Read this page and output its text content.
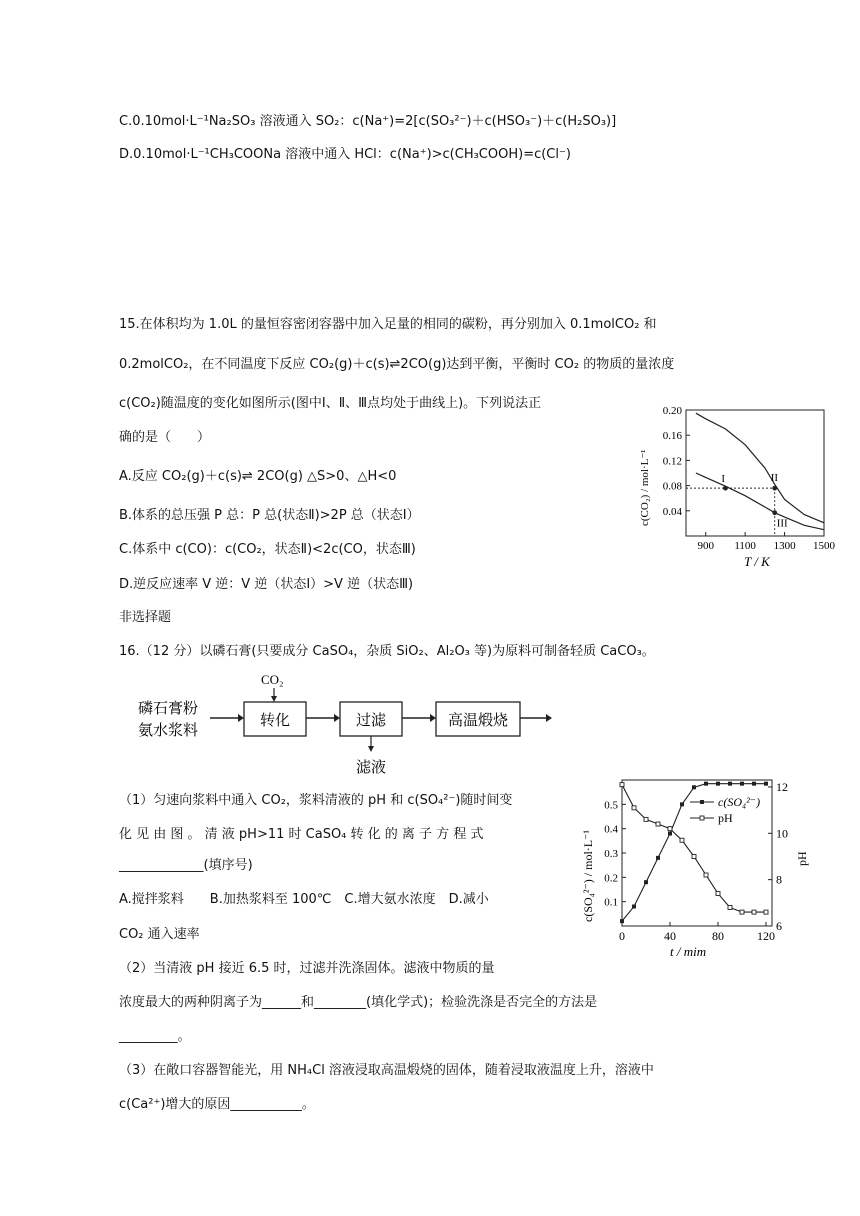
C.0.10mol·L⁻¹Na₂SO₃ 溶液通入 SO₂：c(Na⁺)=2[c(SO₃²⁻)＋c(HSO₃⁻)＋c(H₂SO₃)]
D.0.10mol·L⁻¹CH₃COONa 溶液中通入 HCl：c(Na⁺)>c(CH₃COOH)=c(Cl⁻)
15.在体积均为 1.0L 的量恒容密闭容器中加入足量的相同的碳粉，再分别加入 0.1molCO₂ 和
0.2molCO₂，在不同温度下反应 CO₂(g)＋c(s)⇌2CO(g)达到平衡，平衡时 CO₂ 的物质的量浓度
c(CO₂)随温度的变化如图所示(图中Ⅰ、Ⅱ、Ⅲ点均处于曲线上)。下列说法正
确的是（　　）
A.反应 CO₂(g)＋c(s)⇌ 2CO(g) △S>0、△H<0
B.体系的总压强 P 总：P 总(状态Ⅱ)>2P 总（状态Ⅰ）
C.体系中 c(CO)：c(CO₂，状态Ⅱ)<2c(CO，状态Ⅲ)
D.逆反应速率 V 逆：V 逆（状态Ⅰ）>V 逆（状态Ⅲ)
非选择题
16.（12 分）以磷石膏(只要成分 CaSO₄，杂质 SiO₂、Al₂O₃ 等)为原料可制备轻质 CaCO₃。
（1）匀速向浆料中通入 CO₂，浆料清液的 pH 和 c(SO₄²⁻)随时间变
化 见 由 图 。 清 液 pH>11 时 CaSO₄ 转 化 的 离 子 方 程 式
_____________(填序号)
A.搅拌浆料　　B.加热浆料至 100℃　C.增大氨水浓度　D.减小
CO₂ 通入速率
（2）当清液 pH 接近 6.5 时，过滤并洗涤固体。滤液中物质的量
浓度最大的两种阴离子为______和________(填化学式)；检验洗涤是否完全的方法是
_________。
（3）在敞口容器智能光，用 NH₄Cl 溶液浸取高温煅烧的固体，随着浸取液温度上升，溶液中
c(Ca²⁺)增大的原因___________。
磷石膏粉
氨水浆料
CO₂
转化	过滤
滤液
高温煅烧
c(CO₂) / mol·L⁻¹
T / K
0.04
0.08
0.12
0.16
0.20
900 1100 1300 1500
I	II
III
c(SO₄²⁻) / mol·L⁻¹	pH
t / mim
0.1
0.2
0.3
0.4
0.5
6
8
10
12
0	40	80	120
c(SO₄²⁻)
pH
